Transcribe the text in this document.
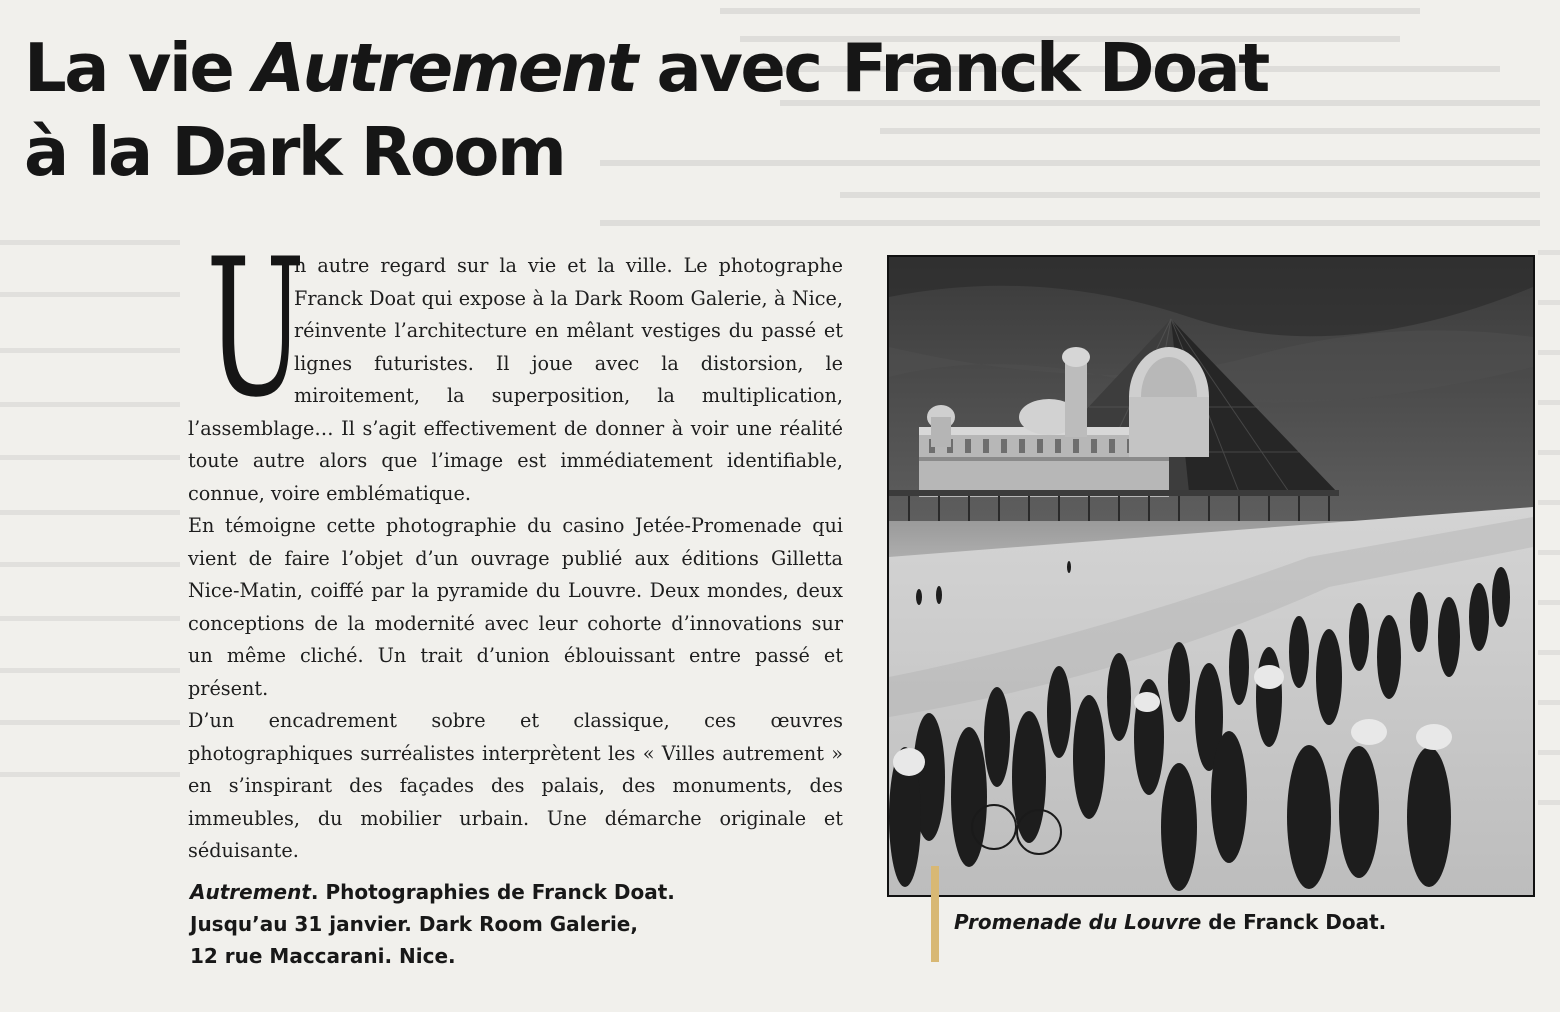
La vie Autrement avec Franck Doat
à la Dark Room
U

n autre regard sur la vie et la ville. Le photographe Franck Doat qui expose à la Dark Room Galerie, à Nice, réinvente l’architecture en mêlant vestiges du passé et lignes futuristes. Il joue avec la distorsion, le miroitement, la superposition, la multiplication, l’assemblage… Il s’agit effectivement de donner à voir une réalité toute autre alors que l’image est immédiatement identifiable, connue, voire emblématique.

En témoigne cette photographie du casino Jetée-Promenade qui vient de faire l’objet d’un ouvrage publié aux éditions Gilletta Nice-Matin, coiffé par la pyramide du Louvre. Deux mondes, deux conceptions de la modernité avec leur cohorte d’innovations sur un même cliché. Un trait d’union éblouissant entre passé et présent.

D’un encadrement sobre et classique, ces œuvres photographiques surréalistes interprètent les « Villes autrement » en s’inspirant des façades des palais, des monuments, des immeubles, du mobilier urbain. Une démarche originale et séduisante.

Autrement. Photographies de Franck Doat.
Jusqu’au 31 janvier. Dark Room Galerie,
12 rue Maccarani. Nice.
Promenade du Louvre de Franck Doat.
